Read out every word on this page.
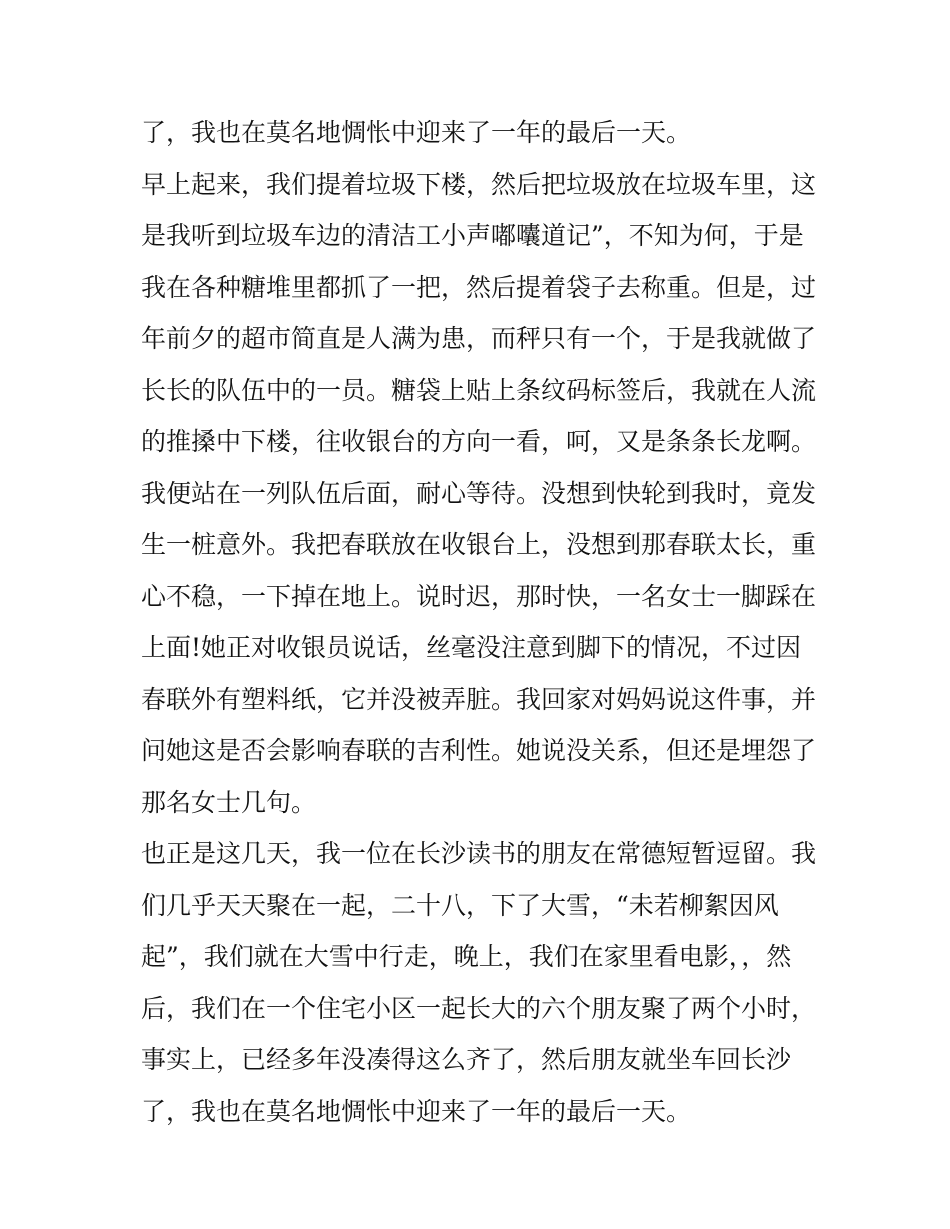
了，我也在莫名地惆怅中迎来了一年的最后一天。
早上起来，我们提着垃圾下楼，然后把垃圾放在垃圾车里，这
是我听到垃圾车边的清洁工小声嘟囔道记”，不知为何，于是
我在各种糖堆里都抓了一把，然后提着袋子去称重。但是，过
年前夕的超市简直是人满为患，而秤只有一个，于是我就做了
长长的队伍中的一员。糖袋上贴上条纹码标签后，我就在人流
的推搡中下楼，往收银台的方向一看，呵，又是条条长龙啊。
我便站在一列队伍后面，耐心等待。没想到快轮到我时，竟发
生一桩意外。我把春联放在收银台上，没想到那春联太长，重
心不稳，一下掉在地上。说时迟，那时快，一名女士一脚踩在
上面!她正对收银员说话，丝毫没注意到脚下的情况，不过因
春联外有塑料纸，它并没被弄脏。我回家对妈妈说这件事，并
问她这是否会影响春联的吉利性。她说没关系，但还是埋怨了
那名女士几句。
也正是这几天，我一位在长沙读书的朋友在常德短暂逗留。我
们几乎天天聚在一起，二十八，下了大雪，“未若柳絮因风
起”，我们就在大雪中行走，晚上，我们在家里看电影，，然
后，我们在一个住宅小区一起长大的六个朋友聚了两个小时，
事实上，已经多年没凑得这么齐了，然后朋友就坐车回长沙
了，我也在莫名地惆怅中迎来了一年的最后一天。
